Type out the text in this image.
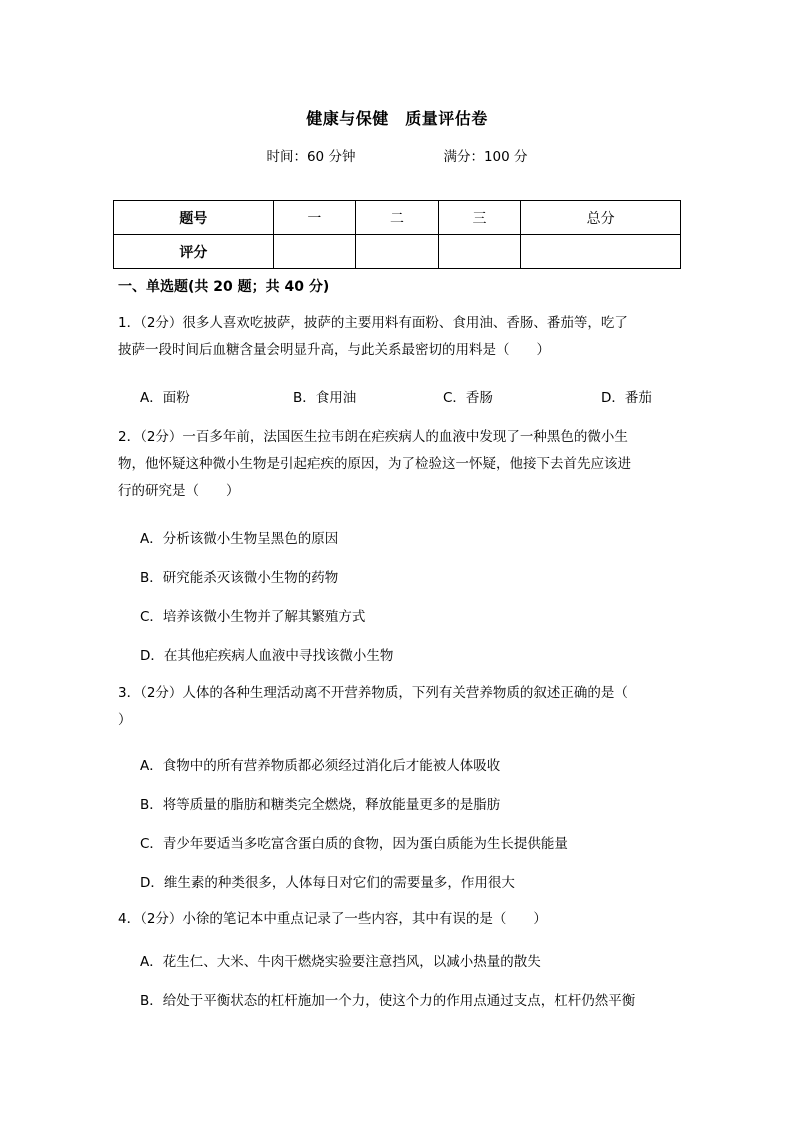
健康与保健　质量评估卷
时间：60 分钟	满分：100 分
题号	一	二	三	总分
评分				
一、单选题(共 20 题；共 40 分)
1．（2分）很多人喜欢吃披萨，披萨的主要用料有面粉、食用油、香肠、番茄等，吃了
披萨一段时间后血糖含量会明显升高，与此关系最密切的用料是（　　）
A．面粉	B．食用油	C．香肠	D．番茄
2．（2分）一百多年前，法国医生拉韦朗在疟疾病人的血液中发现了一种黑色的微小生
物，他怀疑这种微小生物是引起疟疾的原因，为了检验这一怀疑，他接下去首先应该进
行的研究是（　　）
A．分析该微小生物呈黑色的原因
B．研究能杀灭该微小生物的药物
C．培养该微小生物并了解其繁殖方式
D．在其他疟疾病人血液中寻找该微小生物
3．（2分）人体的各种生理活动离不开营养物质，下列有关营养物质的叙述正确的是（
）
A．食物中的所有营养物质都必须经过消化后才能被人体吸收
B．将等质量的脂肪和糖类完全燃烧，释放能量更多的是脂肪
C．青少年要适当多吃富含蛋白质的食物，因为蛋白质能为生长提供能量
D．维生素的种类很多，人体每日对它们的需要量多，作用很大
4．（2分）小徐的笔记本中重点记录了一些内容，其中有误的是（　　）
A．花生仁、大米、牛肉干燃烧实验要注意挡风，以减小热量的散失
B．给处于平衡状态的杠杆施加一个力，使这个力的作用点通过支点，杠杆仍然平衡
